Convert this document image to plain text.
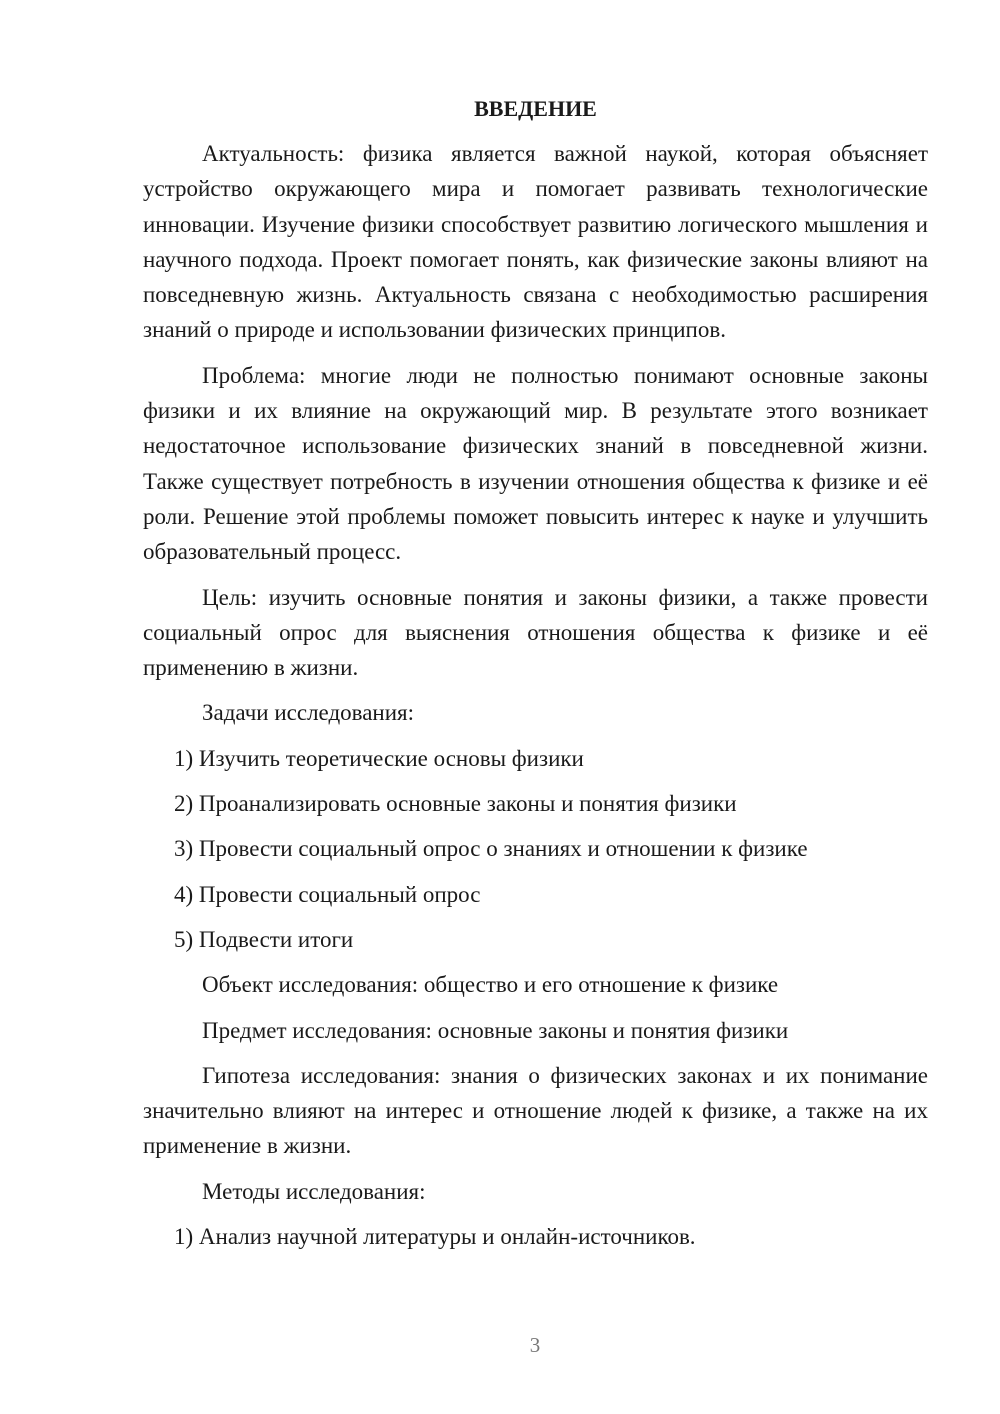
ВВЕДЕНИЕ

Актуальность: физика является важной наукой, которая объясняет устройство окружающего мира и помогает развивать технологические инновации. Изучение физики способствует развитию логического мышления и научного подхода. Проект помогает понять, как физические законы влияют на повседневную жизнь. Актуальность связана с необходимостью расширения знаний о природе и использовании физических принципов.

Проблема: многие люди не полностью понимают основные законы физики и их влияние на окружающий мир. В результате этого возникает недостаточное использование физических знаний в повседневной жизни. Также существует потребность в изучении отношения общества к физике и её роли. Решение этой проблемы поможет повысить интерес к науке и улучшить образовательный процесс.

Цель: изучить основные понятия и законы физики, а также провести социальный опрос для выяснения отношения общества к физике и её применению в жизни.

Задачи исследования:

1) Изучить теоретические основы физики

2) Проанализировать основные законы и понятия физики

3) Провести социальный опрос о знаниях и отношении к физике

4) Провести социальный опрос

5) Подвести итоги

Объект исследования: общество и его отношение к физике

Предмет исследования: основные законы и понятия физики

Гипотеза исследования: знания о физических законах и их понимание значительно влияют на интерес и отношение людей к физике, а также на их применение в жизни.

Методы исследования:

1) Анализ научной литературы и онлайн-источников.

3
